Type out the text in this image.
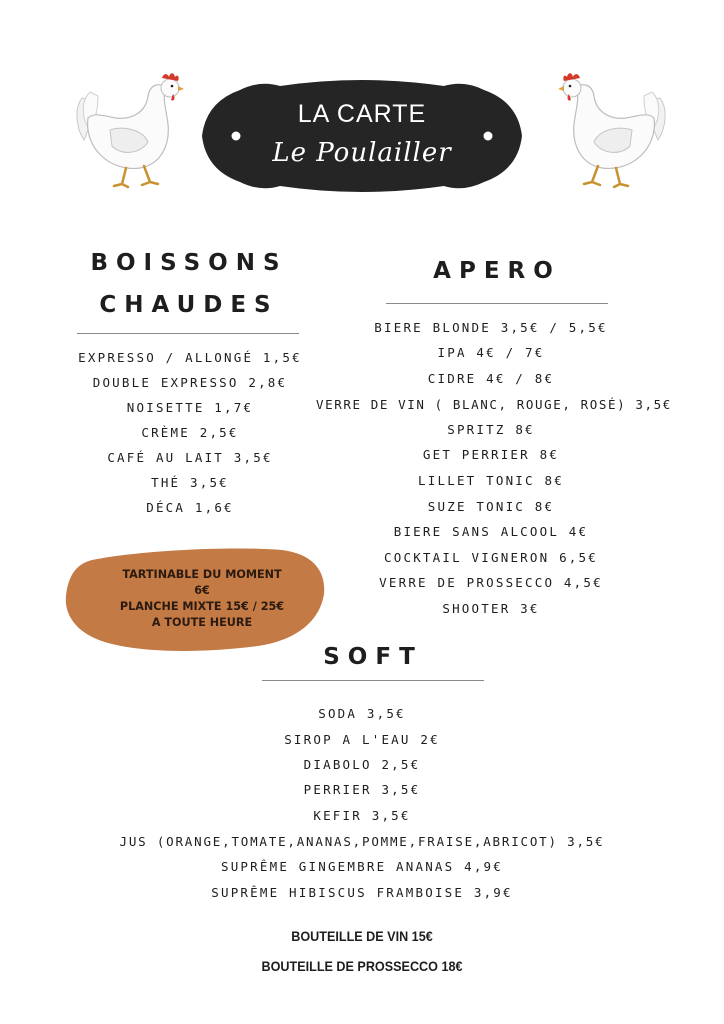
LA CARTE
Le Poulailler
BOISSONS
CHAUDES
EXPRESSO / ALLONGÉ 1,5€
DOUBLE EXPRESSO 2,8€
NOISETTE 1,7€
CRÈME 2,5€
CAFÉ AU LAIT 3,5€
THÉ 3,5€
DÉCA 1,6€
APERO
BIERE BLONDE 3,5€ / 5,5€
IPA 4€ / 7€
CIDRE 4€ / 8€
VERRE DE VIN ( BLANC, ROUGE, ROSÉ) 3,5€
SPRITZ 8€
GET PERRIER 8€
LILLET TONIC 8€
SUZE TONIC 8€
BIERE SANS ALCOOL 4€
COCKTAIL VIGNERON 6,5€
VERRE DE PROSSECCO 4,5€
SHOOTER 3€
TARTINABLE DU MOMENT
6€
PLANCHE MIXTE 15€ / 25€
A TOUTE HEURE
SOFT
SODA 3,5€
SIROP A L'EAU 2€
DIABOLO 2,5€
PERRIER 3,5€
KEFIR 3,5€
JUS (ORANGE,TOMATE,ANANAS,POMME,FRAISE,ABRICOT) 3,5€
SUPRÊME GINGEMBRE ANANAS 4,9€
SUPRÊME HIBISCUS FRAMBOISE 3,9€
BOUTEILLE DE VIN 15€
BOUTEILLE DE PROSSECCO 18€
